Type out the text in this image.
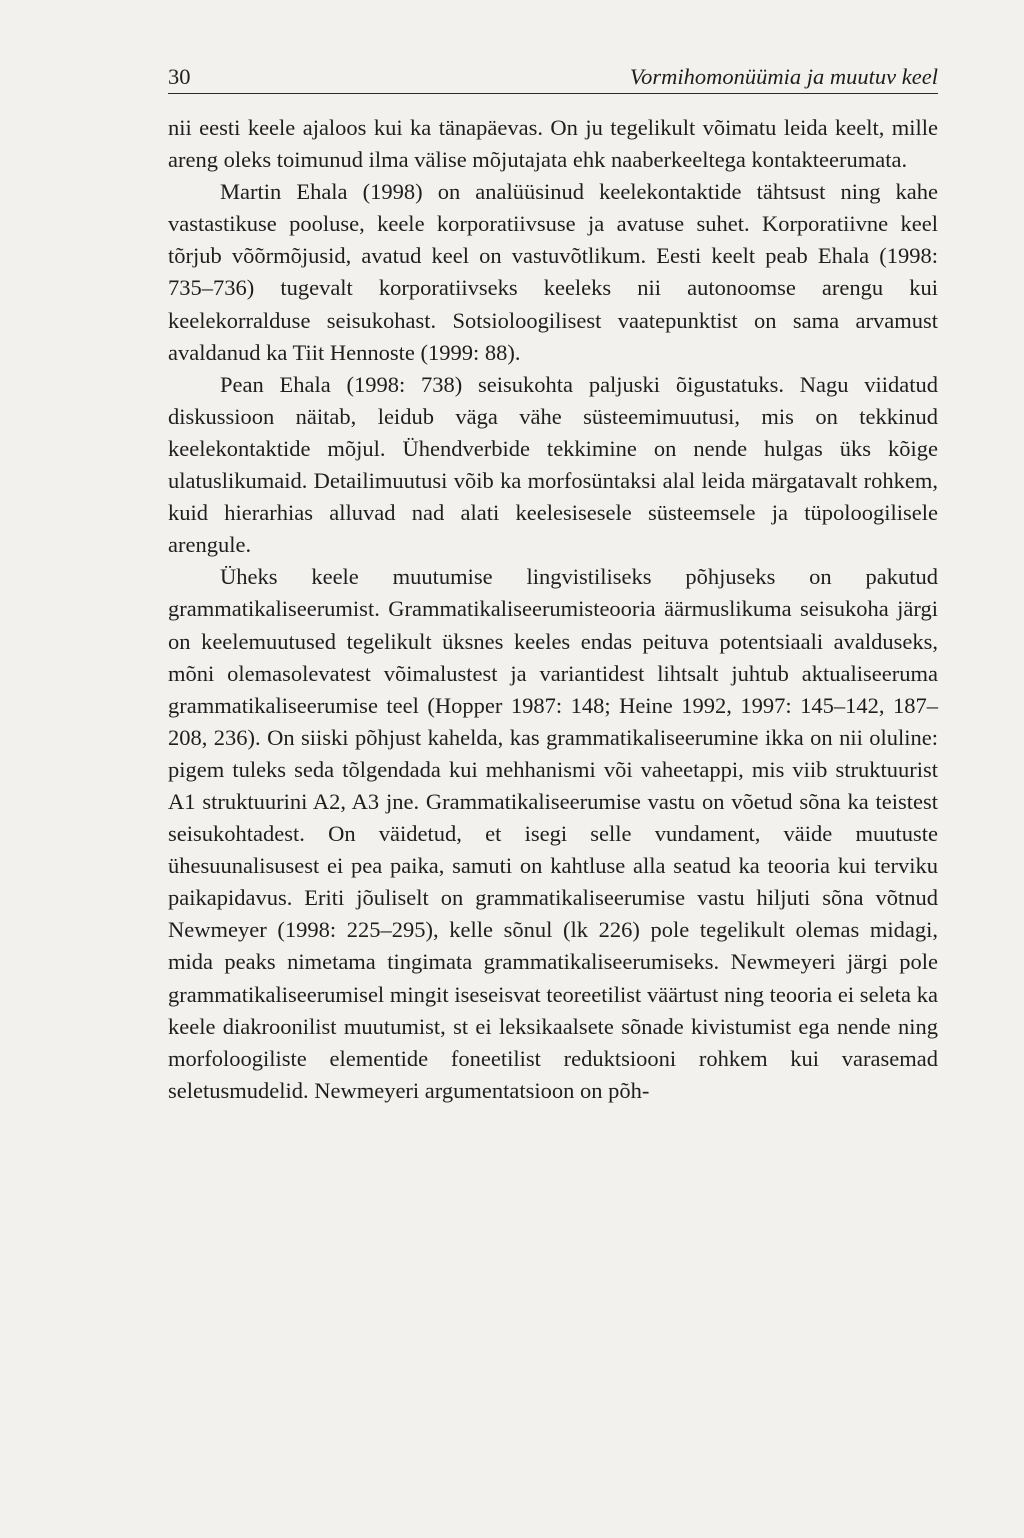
30	Vormihomonüümia ja muutuv keel

nii eesti keele ajaloos kui ka tänapäevas. On ju tegelikult võimatu leida keelt, mille areng oleks toimunud ilma välise mõjutajata ehk naaberkeeltega kontakteerumata.

Martin Ehala (1998) on analüüsinud keelekontaktide tähtsust ning kahe vastastikuse pooluse, keele korporatiivsuse ja avatuse suhet. Korporatiivne keel tõrjub võõrmõjusid, avatud keel on vastuvõtlikum. Eesti keelt peab Ehala (1998: 735–736) tugevalt korporatiivseks keeleks nii autonoomse arengu kui keelekorralduse seisukohast. Sotsioloogilisest vaatepunktist on sama arvamust avaldanud ka Tiit Hennoste (1999: 88).

Pean Ehala (1998: 738) seisukohta paljuski õigustatuks. Nagu viidatud diskussioon näitab, leidub väga vähe süsteemimuutusi, mis on tekkinud keelekontaktide mõjul. Ühendverbide tekkimine on nende hulgas üks kõige ulatuslikumaid. Detailimuutusi võib ka morfosüntaksi alal leida märgatavalt rohkem, kuid hierarhias alluvad nad alati keelesisesele süsteemsele ja tüpoloogilisele arengule.

Üheks keele muutumise lingvistiliseks põhjuseks on pakutud grammatikaliseerumist. Grammatikaliseerumisteooria äärmuslikuma seisukoha järgi on keelemuutused tegelikult üksnes keeles endas peituva potentsiaali avalduseks, mõni olemasolevatest võimalustest ja variantidest lihtsalt juhtub aktualiseeruma grammatikaliseerumise teel (Hopper 1987: 148; Heine 1992, 1997: 145–142, 187–208, 236). On siiski põhjust kahelda, kas grammatikaliseerumine ikka on nii oluline: pigem tuleks seda tõlgendada kui mehhanismi või vaheetappi, mis viib struktuurist A1 struktuurini A2, A3 jne. Grammatikaliseerumise vastu on võetud sõna ka teistest seisukohtadest. On väidetud, et isegi selle vundament, väide muutuste ühesuunalisusest ei pea paika, samuti on kahtluse alla seatud ka teooria kui terviku paikapidavus. Eriti jõuliselt on grammatikaliseerumise vastu hiljuti sõna võtnud Newmeyer (1998: 225–295), kelle sõnul (lk 226) pole tegelikult olemas midagi, mida peaks nimetama tingimata grammatikaliseerumiseks. Newmeyeri järgi pole grammatikaliseerumisel mingit iseseisvat teoreetilist väärtust ning teooria ei seleta ka keele diakroonilist muutumist, st ei leksikaalsete sõnade kivistumist ega nende ning morfoloogiliste elementide foneetilist reduktsiooni rohkem kui varasemad seletusmudelid. Newmeyeri argumentatsioon on põh-
